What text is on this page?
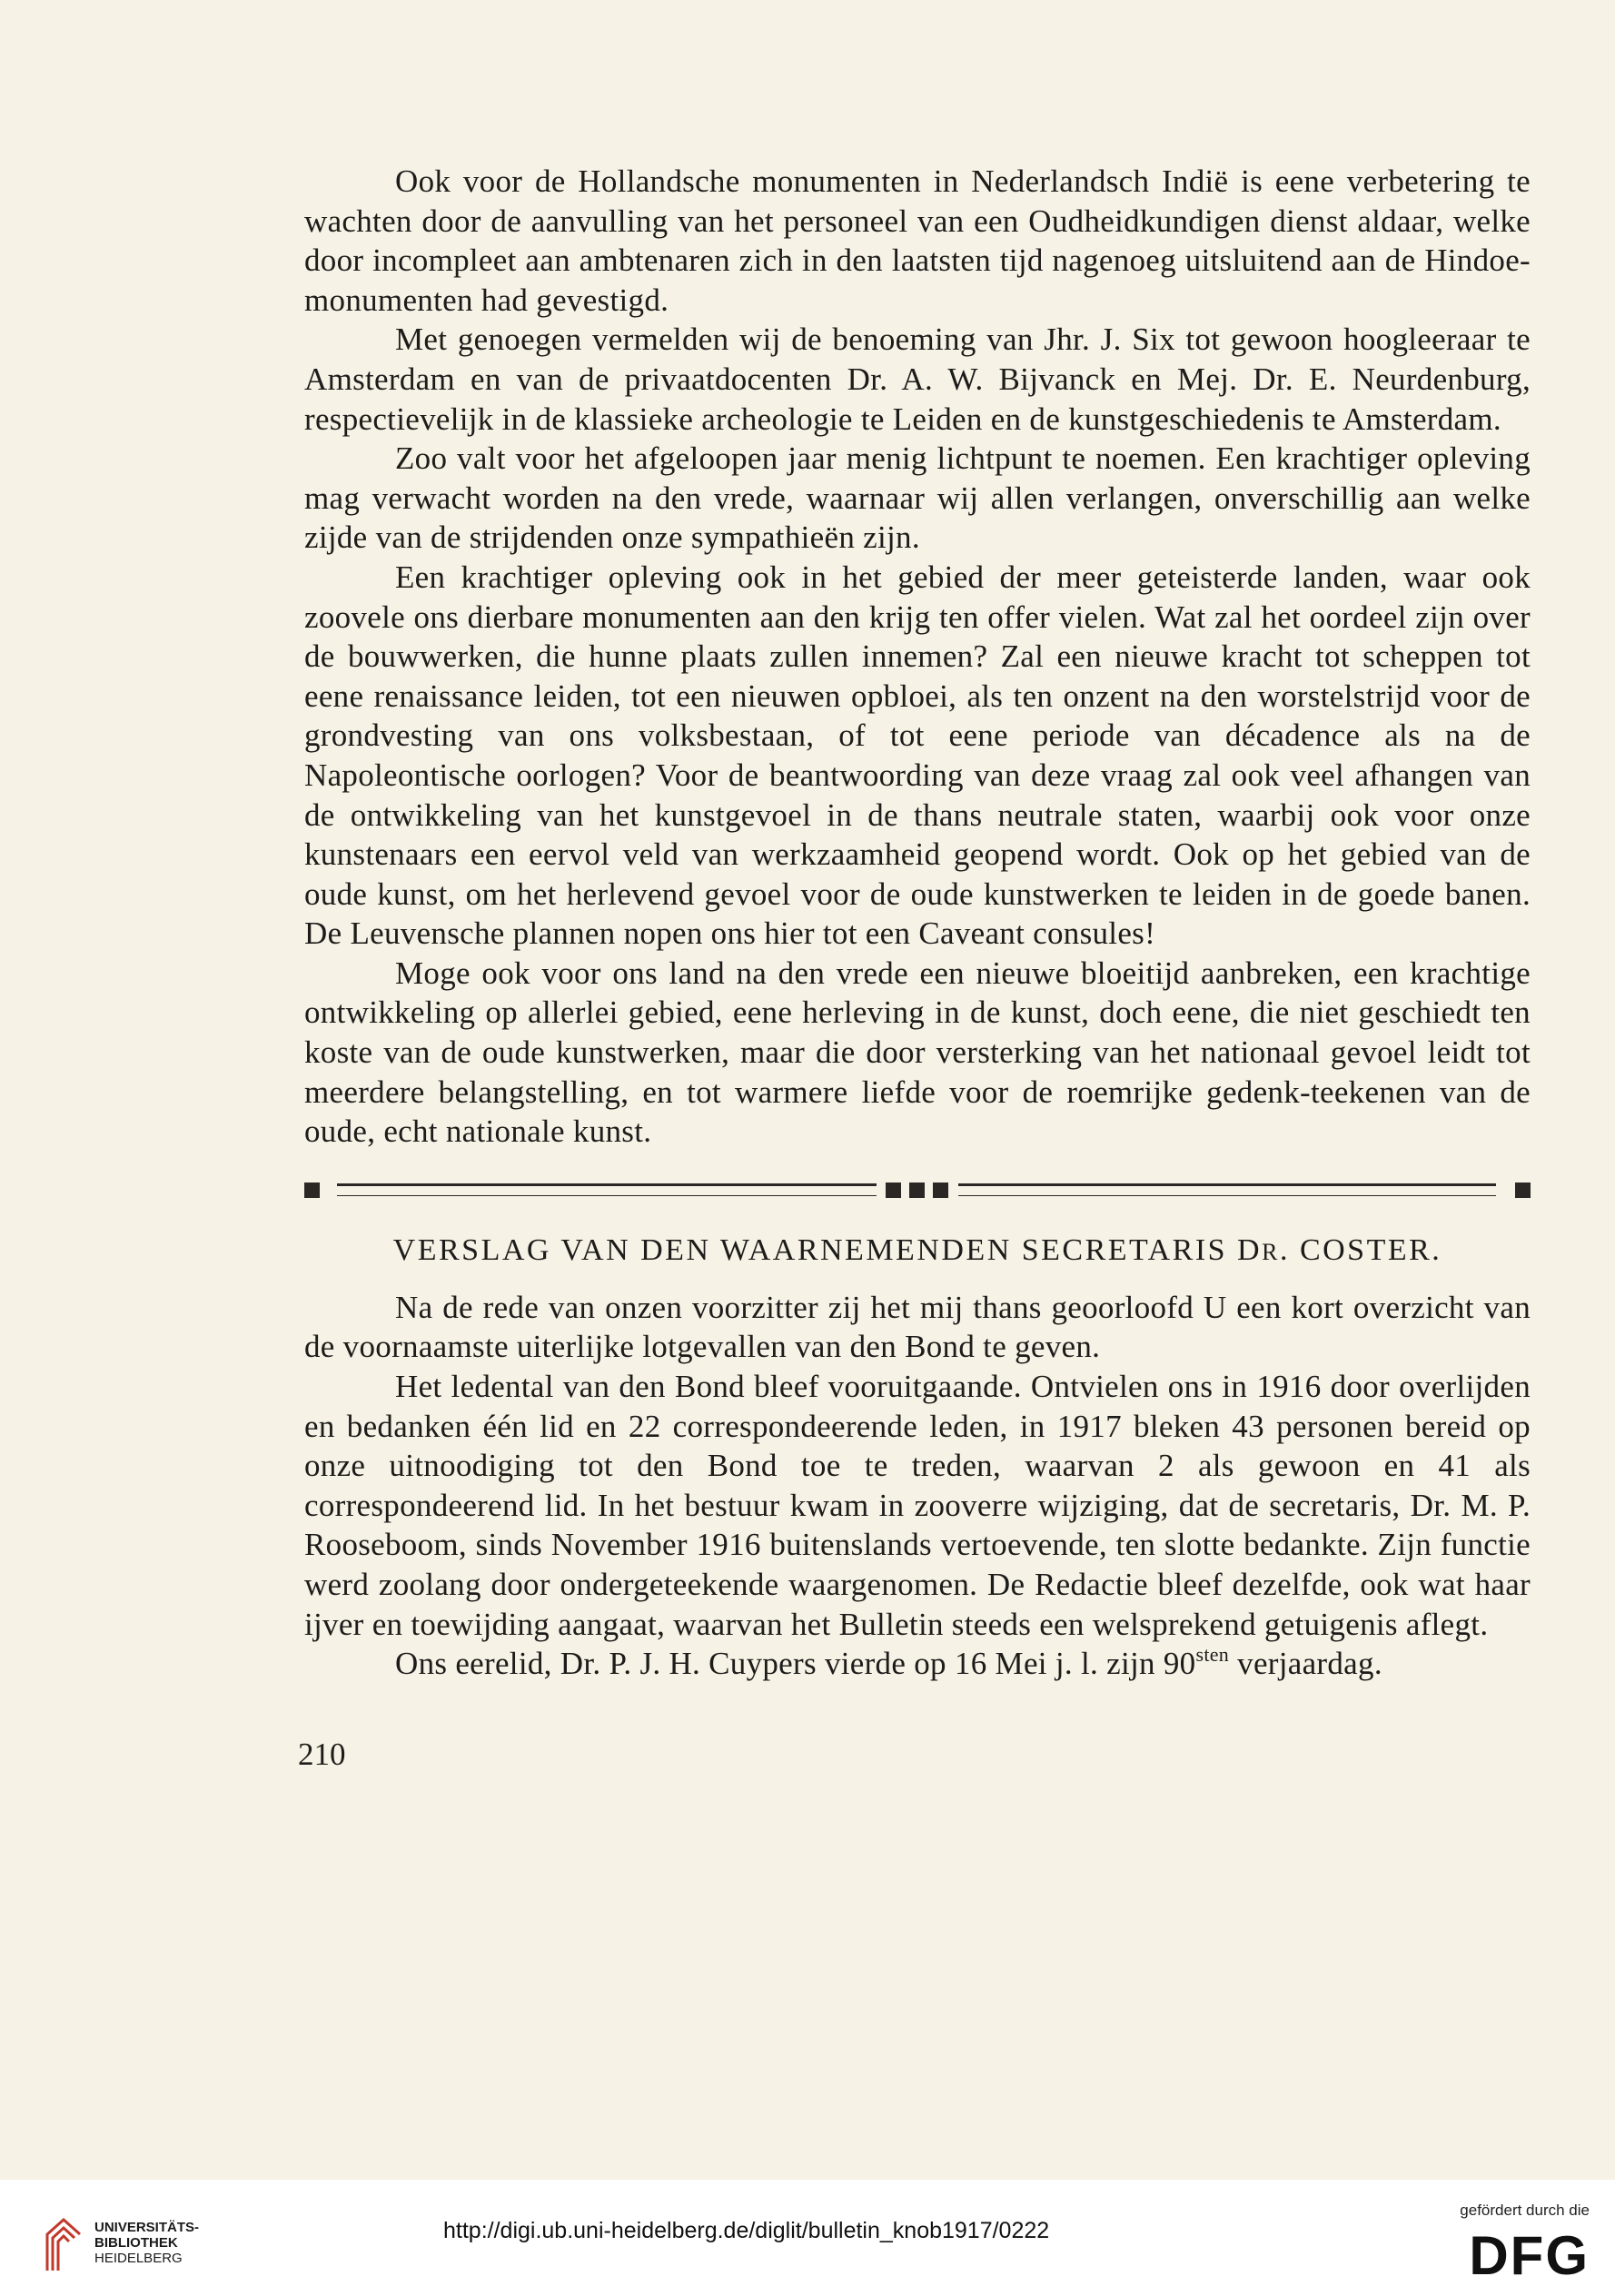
Ook voor de Hollandsche monumenten in Nederlandsch Indië is eene verbetering te wachten door de aanvulling van het personeel van een Oudheidkundigen dienst aldaar, welke door incompleet aan ambtenaren zich in den laatsten tijd nagenoeg uitsluitend aan de Hindoe-monumenten had gevestigd.

Met genoegen vermelden wij de benoeming van Jhr. J. Six tot gewoon hoogleeraar te Amsterdam en van de privaatdocenten Dr. A. W. Bijvanck en Mej. Dr. E. Neurdenburg, respectievelijk in de klassieke archeologie te Leiden en de kunstgeschiedenis te Amsterdam.

Zoo valt voor het afgeloopen jaar menig lichtpunt te noemen. Een krachtiger opleving mag verwacht worden na den vrede, waarnaar wij allen verlangen, onverschillig aan welke zijde van de strijdenden onze sympathieën zijn.

Een krachtiger opleving ook in het gebied der meer geteisterde landen, waar ook zoovele ons dierbare monumenten aan den krijg ten offer vielen. Wat zal het oordeel zijn over de bouwwerken, die hunne plaats zullen innemen? Zal een nieuwe kracht tot scheppen tot eene renaissance leiden, tot een nieuwen opbloei, als ten onzent na den worstelstrijd voor de grondvesting van ons volksbestaan, of tot eene periode van décadence als na de Napoleontische oorlogen? Voor de beantwoording van deze vraag zal ook veel afhangen van de ontwikkeling van het kunstgevoel in de thans neutrale staten, waarbij ook voor onze kunstenaars een eervol veld van werkzaamheid geopend wordt. Ook op het gebied van de oude kunst, om het herlevend gevoel voor de oude kunstwerken te leiden in de goede banen. De Leuvensche plannen nopen ons hier tot een Caveant consules!

Moge ook voor ons land na den vrede een nieuwe bloeitijd aanbreken, een krachtige ontwikkeling op allerlei gebied, eene herleving in de kunst, doch eene, die niet geschiedt ten koste van de oude kunstwerken, maar die door versterking van het nationaal gevoel leidt tot meerdere belangstelling, en tot warmere liefde voor de roemrijke gedenk-teekenen van de oude, echt nationale kunst.

VERSLAG VAN DEN WAARNEMENDEN SECRETARIS DR. COSTER.

Na de rede van onzen voorzitter zij het mij thans geoorloofd U een kort overzicht van de voornaamste uiterlijke lotgevallen van den Bond te geven.

Het ledental van den Bond bleef vooruitgaande. Ontvielen ons in 1916 door overlijden en bedanken één lid en 22 correspondeerende leden, in 1917 bleken 43 personen bereid op onze uitnoodiging tot den Bond toe te treden, waarvan 2 als gewoon en 41 als correspondeerend lid. In het bestuur kwam in zooverre wijziging, dat de secretaris, Dr. M. P. Rooseboom, sinds November 1916 buitenslands vertoevende, ten slotte bedankte. Zijn functie werd zoolang door ondergeteekende waargenomen. De Redactie bleef dezelfde, ook wat haar ijver en toewijding aangaat, waarvan het Bulletin steeds een welsprekend getuigenis aflegt.

Ons eerelid, Dr. P. J. H. Cuypers vierde op 16 Mei j. l. zijn $90^{sten}$ verjaardag.

210
UNIVERSITÄTS-
BIBLIOTHEK
HEIDELBERG
http://digi.ub.uni-heidelberg.de/diglit/bulletin_knob1917/0222
gefördert durch die
DFG
